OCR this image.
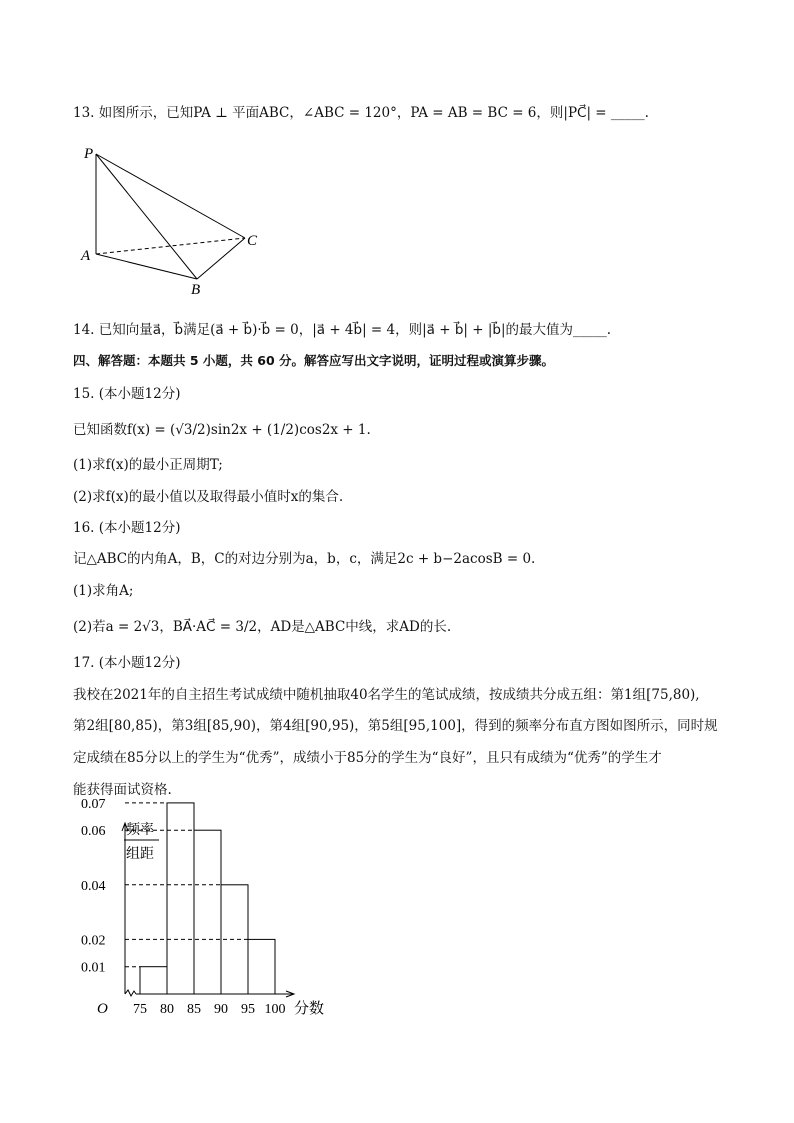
13. 如图所示，已知PA ⊥ 平面ABC，∠ABC = 120°，PA = AB = BC = 6，则|PC⃗| = _____.
P
A
B
C
14. 已知向量a⃗，b⃗满足(a⃗ + b⃗)·b⃗ = 0，|a⃗ + 4b⃗| = 4，则|a⃗ + b⃗| + |b⃗|的最大值为_____.
四、解答题：本题共 5 小题，共 60 分。解答应写出文字说明，证明过程或演算步骤。
15. (本小题12分)
已知函数f(x) = (√3/2)sin2x + (1/2)cos2x + 1.
(1)求f(x)的最小正周期T;
(2)求f(x)的最小值以及取得最小值时x的集合.
16. (本小题12分)
记△ABC的内角A，B，C的对边分别为a，b，c，满足2c + b−2acosB = 0.
(1)求角A;
(2)若a = 2√3，BA⃗·AC⃗ = 3/2，AD是△ABC中线，求AD的长.
17. (本小题12分)
我校在2021年的自主招生考试成绩中随机抽取40名学生的笔试成绩，按成绩共分成五组：第1组[75,80),
第2组[80,85)，第3组[85,90)，第4组[90,95)，第5组[95,100]，得到的频率分布直方图如图所示，同时规
定成绩在85分以上的学生为“优秀”，成绩小于85分的学生为“良好”，且只有成绩为“优秀”的学生才
能获得面试资格.
频率
组距
0.07
0.06
0.04
0.02
0.01
75 80 85 90 95 100
O	分数
